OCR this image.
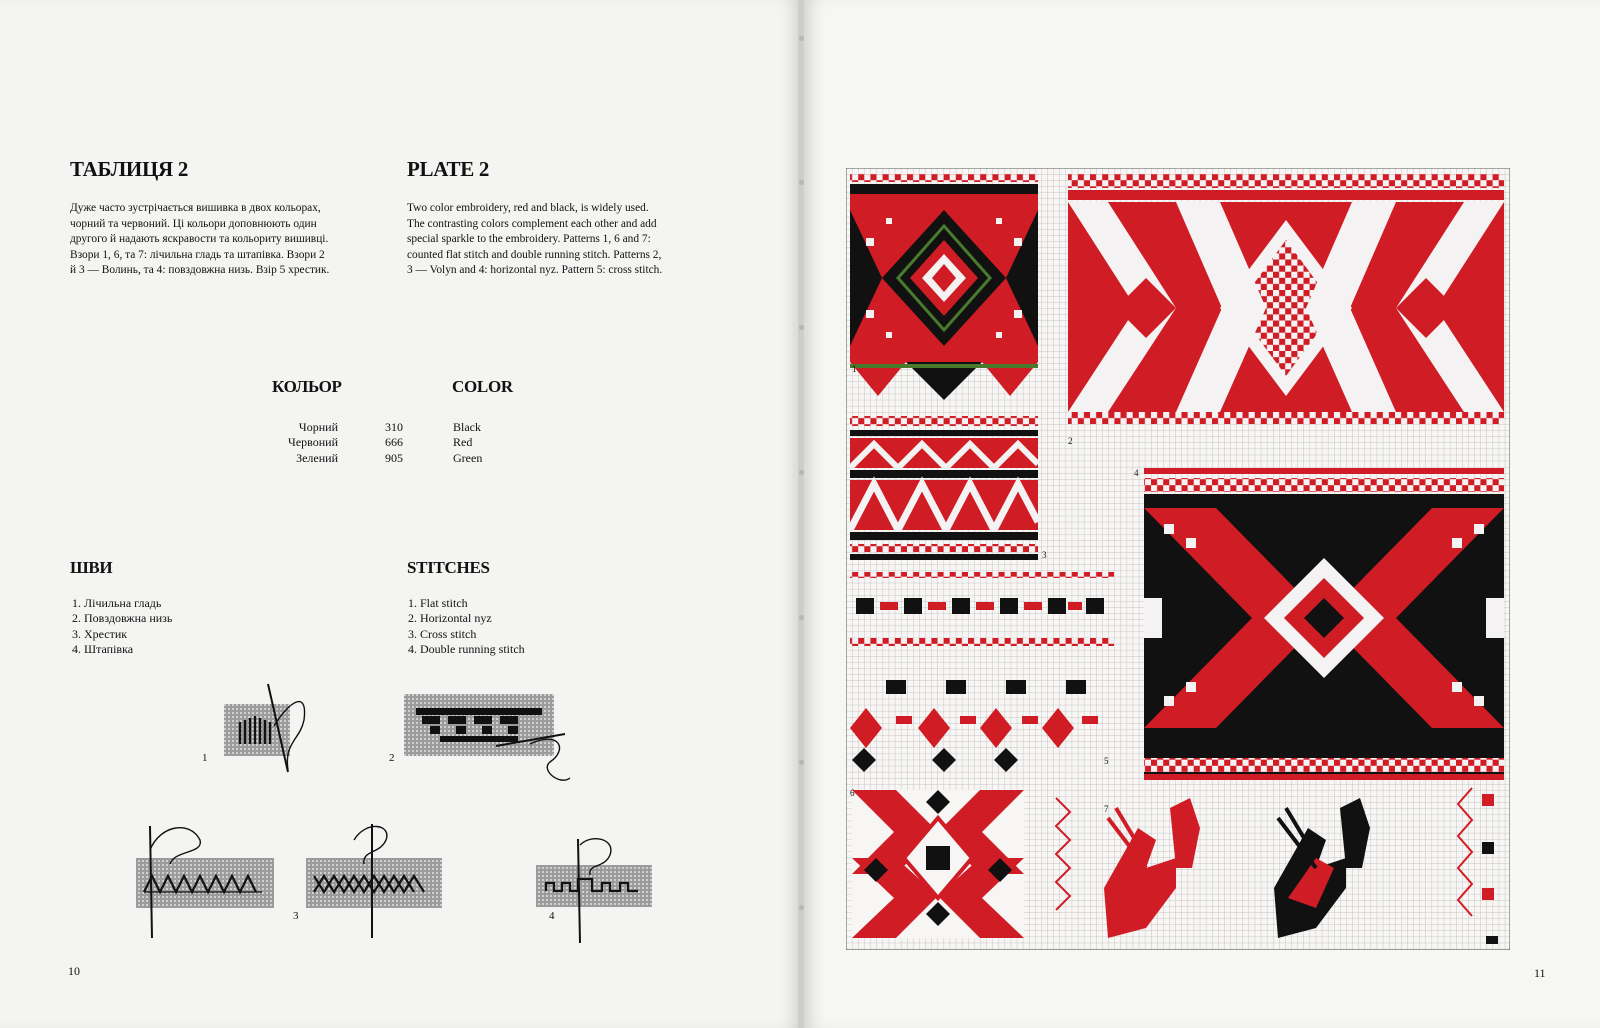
ТАБЛИЦЯ 2	PLATE 2
Дуже часто зустрічається вишивка в двох кольорах,
чорний та червоний. Ці кольори доповнюють один
другого й надають яскравости та кольориту вишивці.
Взори 1, 6, та 7: лічильна гладь та штапівка. Взори 2
й 3 — Волинь, та 4: повздовжна низь. Взір 5 хрестик.
Two color embroidery, red and black, is widely used.
The contrasting colors complement each other and add
special sparkle to the embroidery. Patterns 1, 6 and 7:
counted flat stitch and double running stitch. Patterns 2,
3 — Volyn and 4: horizontal nyz. Pattern 5: cross stitch.
КОЛЬОР	COLOR
Чорний	310	Black
Червоний	666	Red
Зелений	905	Green
ШВИ	STITCHES
1. Лічильна гладь
2. Повздовжна низь
3. Хрестик
4. Штапівка
1. Flat stitch
2. Horizontal nyz
3. Cross stitch
4. Double running stitch
1	2
3	4
10
1
2
3
4
5
6
7
11
